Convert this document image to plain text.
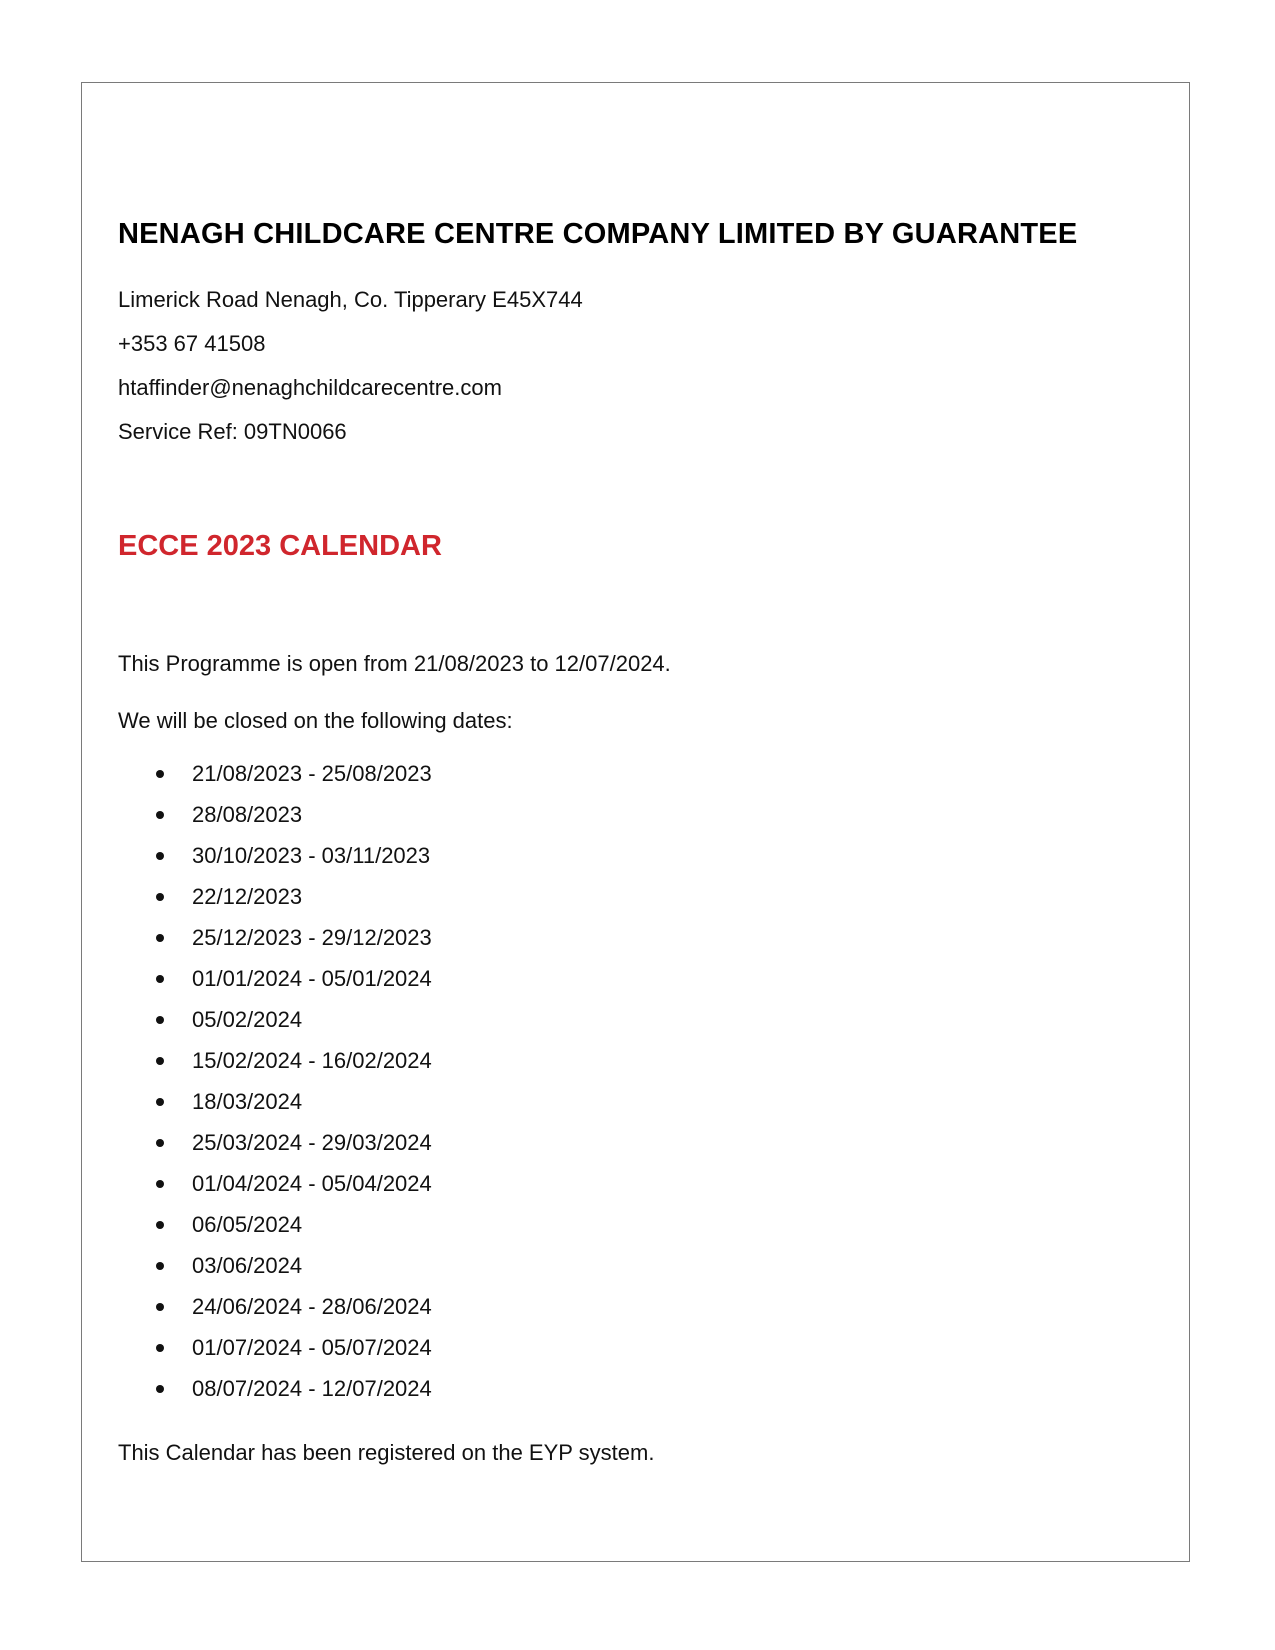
NENAGH CHILDCARE CENTRE COMPANY LIMITED BY GUARANTEE

Limerick Road Nenagh, Co. Tipperary E45X744

+353 67 41508

htaffinder@nenaghchildcarecentre.com

Service Ref: 09TN0066

ECCE 2023 CALENDAR

This Programme is open from 21/08/2023 to 12/07/2024.

We will be closed on the following dates:

21/08/2023 - 25/08/2023
28/08/2023
30/10/2023 - 03/11/2023
22/12/2023
25/12/2023 - 29/12/2023
01/01/2024 - 05/01/2024
05/02/2024
15/02/2024 - 16/02/2024
18/03/2024
25/03/2024 - 29/03/2024
01/04/2024 - 05/04/2024
06/05/2024
03/06/2024
24/06/2024 - 28/06/2024
01/07/2024 - 05/07/2024
08/07/2024 - 12/07/2024

This Calendar has been registered on the EYP system.
